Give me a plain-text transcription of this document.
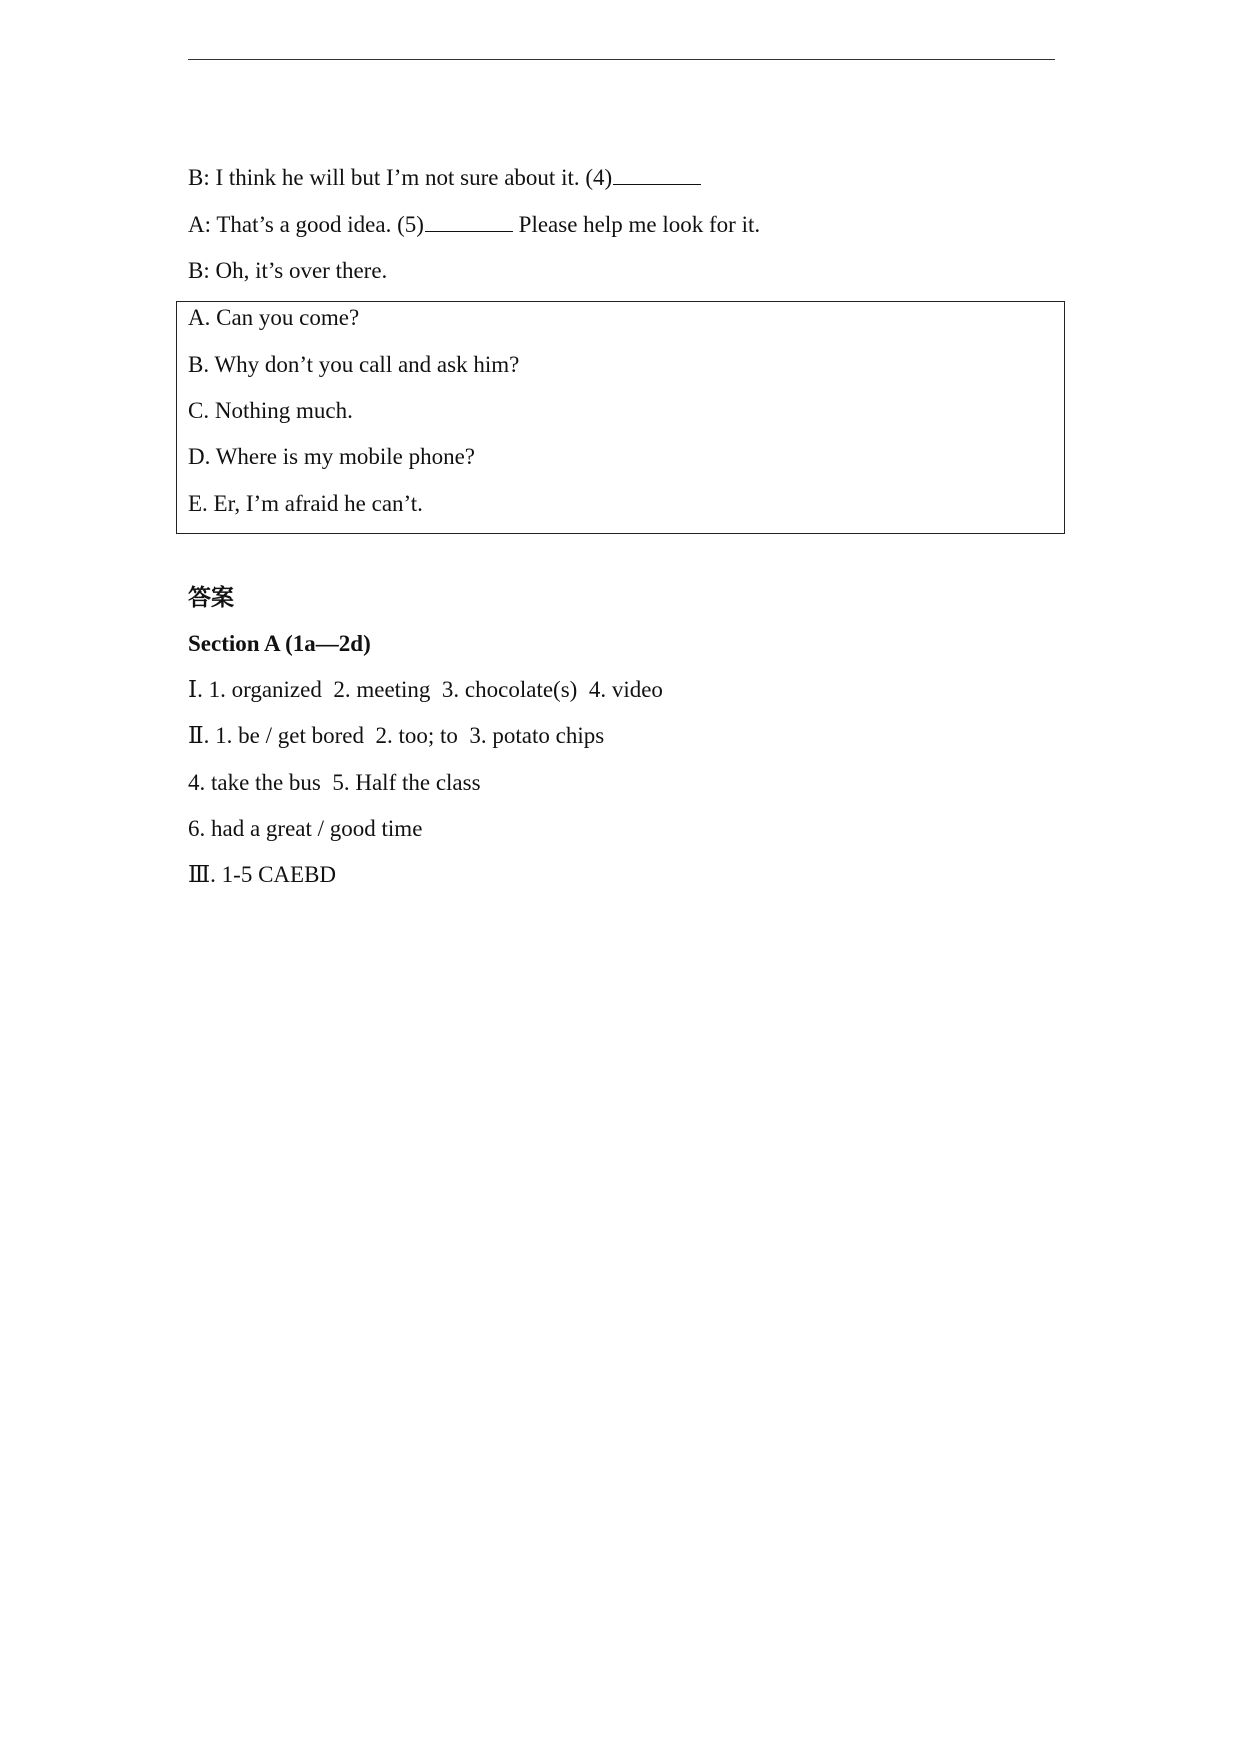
B: I think he will but I’m not sure about it. (4)
A: That’s a good idea. (5)	Please help me look for it.
B: Oh, it’s over there.
A. Can you come?
B. Why don’t you call and ask him?
C. Nothing much.
D. Where is my mobile phone?
E. Er, I’m afraid he can’t.
答案
Section A (1a—2d)
Ⅰ. 1. organized  2. meeting  3. chocolate(s)  4. video
Ⅱ. 1. be / get bored  2. too; to  3. potato chips
4. take the bus  5. Half the class
6. had a great / good time
Ⅲ. 1-5 CAEBD
